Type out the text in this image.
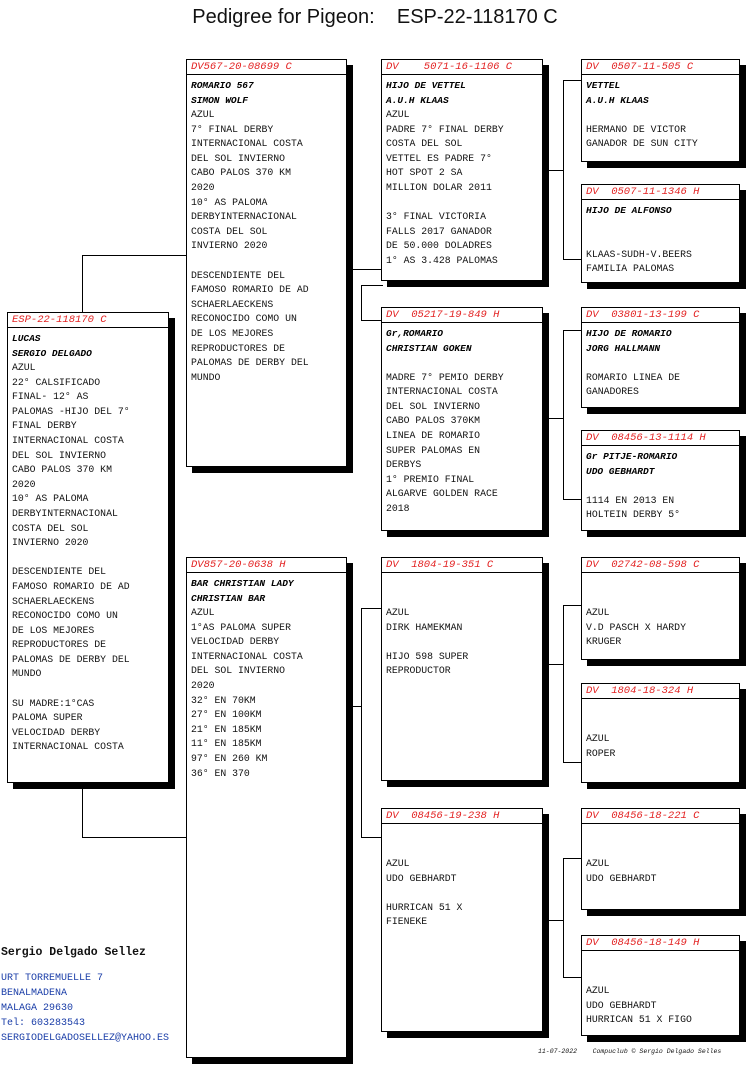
Pedigree for Pigeon:    ESP-22-118170 C
ESP-22-118170 C
LUCAS
SERGIO DELGADO
AZUL
22° CALSIFICADO
FINAL- 12° AS
PALOMAS -HIJO DEL 7°
FINAL DERBY
INTERNACIONAL COSTA
DEL SOL INVIERNO
CABO PALOS 370 KM
2020
10° AS PALOMA
DERBYINTERNACIONAL
COSTA DEL SOL
INVIERNO 2020

DESCENDIENTE DEL
FAMOSO ROMARIO DE AD
SCHAERLAECKENS
RECONOCIDO COMO UN
DE LOS MEJORES
REPRODUCTORES DE
PALOMAS DE DERBY DEL
MUNDO

SU MADRE:1°CAS
PALOMA SUPER
VELOCIDAD DERBY
INTERNACIONAL COSTA
DV567-20-08699 C
ROMARIO 567
SIMON WOLF
AZUL
7° FINAL DERBY
INTERNACIONAL COSTA
DEL SOL INVIERNO
CABO PALOS 370 KM
2020
10° AS PALOMA
DERBYINTERNACIONAL
COSTA DEL SOL
INVIERNO 2020

DESCENDIENTE DEL
FAMOSO ROMARIO DE AD
SCHAERLAECKENS
RECONOCIDO COMO UN
DE LOS MEJORES
REPRODUCTORES DE
PALOMAS DE DERBY DEL
MUNDO
DV857-20-0638 H
BAR CHRISTIAN LADY
CHRISTIAN BAR
AZUL
1°AS PALOMA SUPER
VELOCIDAD DERBY
INTERNACIONAL COSTA
DEL SOL INVIERNO
2020
32° EN 70KM
27° EN 100KM
21° EN 185KM
11° EN 185KM
97° EN 260 KM
36° EN 370
DV    5071-16-1106 C
HIJO DE VETTEL
A.U.H KLAAS
AZUL
PADRE 7° FINAL DERBY
COSTA DEL SOL
VETTEL ES PADRE 7°
HOT SPOT 2 SA
MILLION DOLAR 2011

3° FINAL VICTORIA
FALLS 2017 GANADOR
DE 50.000 DOLADRES
1° AS 3.428 PALOMAS
DV  05217-19-849 H
Gr,ROMARIO
CHRISTIAN GOKEN

MADRE 7° PEMIO DERBY
INTERNACIONAL COSTA
DEL SOL INVIERNO
CABO PALOS 370KM
LINEA DE ROMARIO
SUPER PALOMAS EN
DERBYS
1° PREMIO FINAL
ALGARVE GOLDEN RACE
2018
DV  1804-19-351 C

AZUL
DIRK HAMEKMAN

HIJO 598 SUPER
REPRODUCTOR
DV  08456-19-238 H

AZUL
UDO GEBHARDT

HURRICAN 51 X
FIENEKE
DV  0507-11-505 C
VETTEL
A.U.H KLAAS

HERMANO DE VICTOR
GANADOR DE SUN CITY
DV  0507-11-1346 H
HIJO DE ALFONSO

KLAAS-SUDH-V.BEERS
FAMILIA PALOMAS
DV  03801-13-199 C
HIJO DE ROMARIO
JORG HALLMANN

ROMARIO LINEA DE
GANADORES
DV  08456-13-1114 H
Gr PITJE-ROMARIO
UDO GEBHARDT

1114 EN 2013 EN
HOLTEIN DERBY 5°
DV  02742-08-598 C

AZUL
V.D PASCH X HARDY
KRUGER
DV  1804-18-324 H

AZUL
ROPER
DV  08456-18-221 C

AZUL
UDO GEBHARDT
DV  08456-18-149 H

AZUL
UDO GEBHARDT
HURRICAN 51 X FIGO
Sergio Delgado Sellez
URT TORREMUELLE 7
BENALMADENA
MALAGA 29630
Tel: 603283543
SERGIODELGADOSELLEZ@YAHOO.ES
11-07-2022    Compuclub © Sergio Delgado Selles
